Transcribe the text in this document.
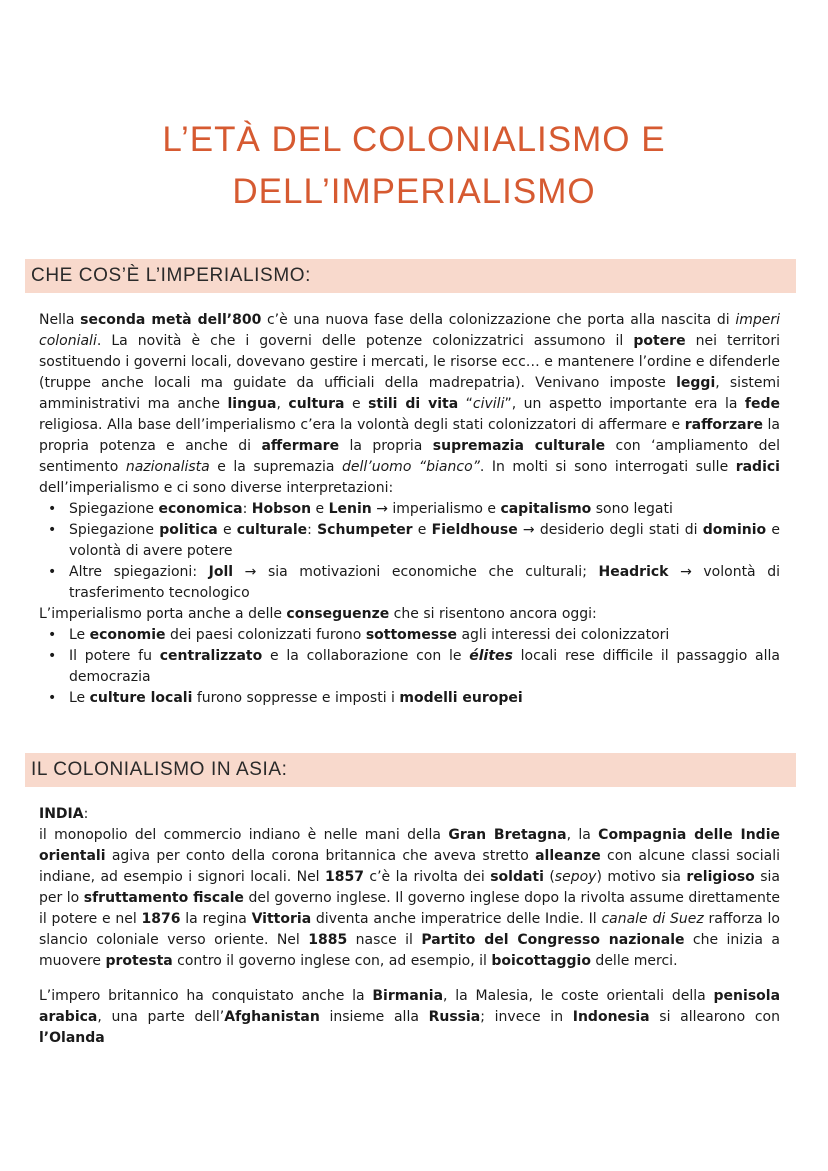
L’ETÀ DEL COLONIALISMO E
DELL’IMPERIALISMO
CHE COS’È L’IMPERIALISMO:

Nella seconda metà dell’800 c’è una nuova fase della colonizzazione che porta alla nascita di imperi coloniali. La novità è che i governi delle potenze colonizzatrici assumono il potere nei territori sostituendo i governi locali, dovevano gestire i mercati, le risorse ecc… e mantenere l’ordine e difenderle (truppe anche locali ma guidate da ufficiali della madrepatria). Venivano imposte leggi, sistemi amministrativi ma anche lingua, cultura e stili di vita “civili”, un aspetto importante era la fede religiosa. Alla base dell’imperialismo c’era la volontà degli stati colonizzatori di affermare e rafforzare la propria potenza e anche di affermare la propria supremazia culturale con ‘ampliamento del sentimento nazionalista e la supremazia dell’uomo “bianco”. In molti si sono interrogati sulle radici dell’imperialismo e ci sono diverse interpretazioni:

• Spiegazione economica: Hobson e Lenin → imperialismo e capitalismo sono legati
• Spiegazione politica e culturale: Schumpeter e Fieldhouse → desiderio degli stati di dominio e volontà di avere potere
• Altre spiegazioni: Joll → sia motivazioni economiche che culturali; Headrick → volontà di trasferimento tecnologico

L’imperialismo porta anche a delle conseguenze che si risentono ancora oggi:

• Le economie dei paesi colonizzati furono sottomesse agli interessi dei colonizzatori
• Il potere fu centralizzato e la collaborazione con le élites locali rese difficile il passaggio alla democrazia
• Le culture locali furono soppresse e imposti i modelli europei
IL COLONIALISMO IN ASIA:

INDIA:

il monopolio del commercio indiano è nelle mani della Gran Bretagna, la Compagnia delle Indie orientali agiva per conto della corona britannica che aveva stretto alleanze con alcune classi sociali indiane, ad esempio i signori locali. Nel 1857 c’è la rivolta dei soldati (sepoy) motivo sia religioso sia per lo sfruttamento fiscale del governo inglese. Il governo inglese dopo la rivolta assume direttamente il potere e nel 1876 la regina Vittoria diventa anche imperatrice delle Indie. Il canale di Suez rafforza lo slancio coloniale verso oriente. Nel 1885 nasce il Partito del Congresso nazionale che inizia a muovere protesta contro il governo inglese con, ad esempio, il boicottaggio delle merci.

L’impero britannico ha conquistato anche la Birmania, la Malesia, le coste orientali della penisola arabica, una parte dell’Afghanistan insieme alla Russia; invece in Indonesia si allearono con l’Olanda
